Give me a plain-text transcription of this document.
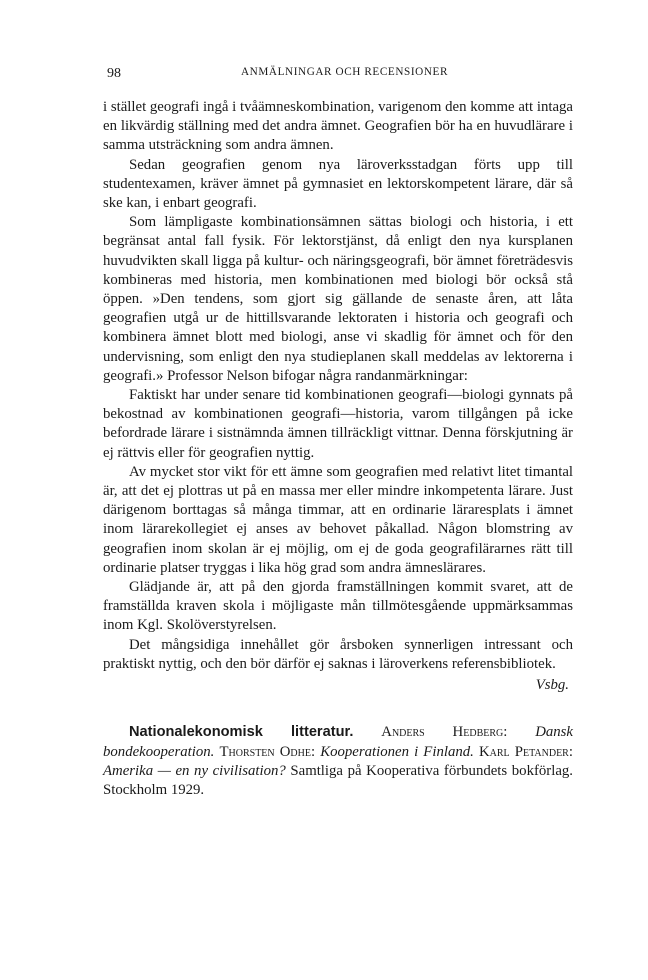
98	ANMÄLNINGAR OCH RECENSIONER

i stället geografi ingå i tvåämneskombination, varigenom den komme att intaga en likvärdig ställning med det andra ämnet. Geografien bör ha en huvudlärare i samma utsträckning som andra ämnen.

Sedan geografien genom nya läroverksstadgan förts upp till studentexamen, kräver ämnet på gymnasiet en lektorskompetent lärare, där så ske kan, i enbart geografi.

Som lämpligaste kombinationsämnen sättas biologi och historia, i ett begränsat antal fall fysik. För lektorstjänst, då enligt den nya kursplanen huvudvikten skall ligga på kultur- och näringsgeografi, bör ämnet företrädesvis kombineras med historia, men kombinationen med biologi bör också stå öppen. »Den tendens, som gjort sig gällande de senaste åren, att låta geografien utgå ur de hittillsvarande lektoraten i historia och geografi och kombinera ämnet blott med biologi, anse vi skadlig för ämnet och för den undervisning, som enligt den nya studieplanen skall meddelas av lektorerna i geografi.» Professor Nelson bifogar några randanmärkningar:

Faktiskt har under senare tid kombinationen geografi—biologi gynnats på bekostnad av kombinationen geografi—historia, varom tillgången på icke befordrade lärare i sistnämnda ämnen tillräckligt vittnar. Denna förskjutning är ej rättvis eller för geografien nyttig.

Av mycket stor vikt för ett ämne som geografien med relativt litet timantal är, att det ej plottras ut på en massa mer eller mindre inkompetenta lärare. Just därigenom borttagas så många timmar, att en ordinarie läraresplats i ämnet inom lärarekollegiet ej anses av behovet påkallad. Någon blomstring av geografien inom skolan är ej möjlig, om ej de goda geografilärarnes rätt till ordinarie platser tryggas i lika hög grad som andra ämneslärares.

Glädjande är, att på den gjorda framställningen kommit svaret, att de framställda kraven skola i möjligaste mån tillmötesgående uppmärksammas inom Kgl. Skolöverstyrelsen.

Det mångsidiga innehållet gör årsboken synnerligen intressant och praktiskt nyttig, och den bör därför ej saknas i läroverkens referensbibliotek.

Vsbg.
Nationalekonomisk litteratur. Anders Hedberg: Dansk bondekooperation. Thorsten Odhe: Kooperationen i Finland. Karl Petander: Amerika — en ny civilisation? Samtliga på Kooperativa förbundets bokförlag. Stockholm 1929.
